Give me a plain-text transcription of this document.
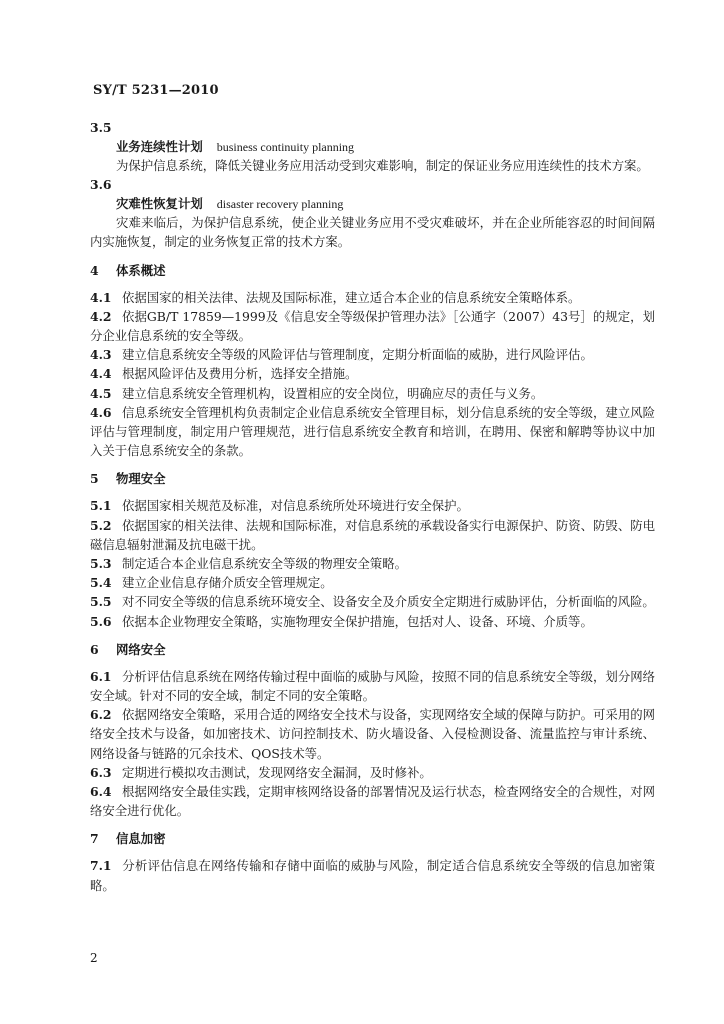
SY/T 5231—2010
3.5
业务连续性计划 business continuity planning

为保护信息系统，降低关键业务应用活动受到灾难影响，制定的保证业务应用连续性的技术方案。

3.6
灾难性恢复计划 disaster recovery planning

灾难来临后，为保护信息系统，使企业关键业务应用不受灾难破坏，并在企业所能容忍的时间间隔内实施恢复，制定的业务恢复正常的技术方案。

4 体系概述

4.1 依据国家的相关法律、法规及国际标准，建立适合本企业的信息系统安全策略体系。

4.2 依据GB/T 17859—1999及《信息安全等级保护管理办法》［公通字（2007）43号］的规定，划分企业信息系统的安全等级。

4.3 建立信息系统安全等级的风险评估与管理制度，定期分析面临的威胁，进行风险评估。

4.4 根据风险评估及费用分析，选择安全措施。

4.5 建立信息系统安全管理机构，设置相应的安全岗位，明确应尽的责任与义务。

4.6 信息系统安全管理机构负责制定企业信息系统安全管理目标，划分信息系统的安全等级，建立风险评估与管理制度，制定用户管理规范，进行信息系统安全教育和培训，在聘用、保密和解聘等协议中加入关于信息系统安全的条款。

5 物理安全

5.1 依据国家相关规范及标准，对信息系统所处环境进行安全保护。

5.2 依据国家的相关法律、法规和国际标准，对信息系统的承载设备实行电源保护、防资、防毁、防电磁信息辐射泄漏及抗电磁干扰。

5.3 制定适合本企业信息系统安全等级的物理安全策略。

5.4 建立企业信息存储介质安全管理规定。

5.5 对不同安全等级的信息系统环境安全、设备安全及介质安全定期进行威胁评估，分析面临的风险。

5.6 依据本企业物理安全策略，实施物理安全保护措施，包括对人、设备、环境、介质等。

6 网络安全

6.1 分析评估信息系统在网络传输过程中面临的威胁与风险，按照不同的信息系统安全等级，划分网络安全域。针对不同的安全域，制定不同的安全策略。

6.2 依据网络安全策略，采用合适的网络安全技术与设备，实现网络安全域的保障与防护。可采用的网络安全技术与设备，如加密技术、访问控制技术、防火墙设备、入侵检测设备、流量监控与审计系统、网络设备与链路的冗余技术、QOS技术等。

6.3 定期进行模拟攻击测试，发现网络安全漏洞，及时修补。

6.4 根据网络安全最佳实践，定期审核网络设备的部署情况及运行状态，检查网络安全的合规性，对网络安全进行优化。

7 信息加密

7.1 分析评估信息在网络传输和存储中面临的威胁与风险，制定适合信息系统安全等级的信息加密策略。

2
